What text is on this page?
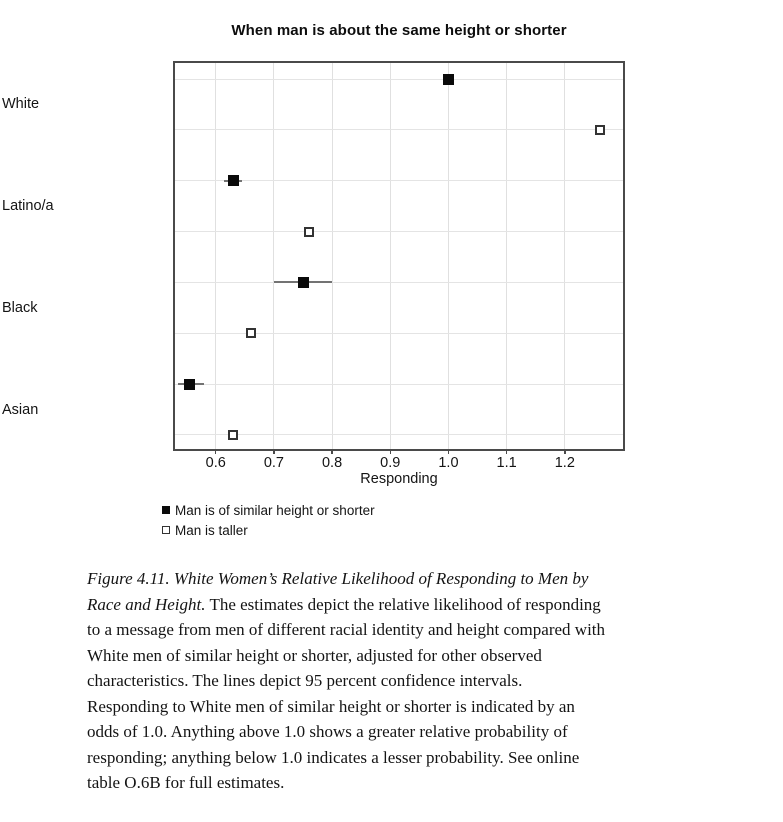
When man is about the same height or shorter
White
Latino/a
Black
Asian
0.6	0.7	0.8	0.9	1.0	1.1	1.2
Responding
Man is of similar height or shorter
Man is taller
Figure 4.11. White Women’s Relative Likelihood of Responding to Men by Race and Height. The estimates depict the relative likelihood of responding to a message from men of different racial identity and height compared with White men of similar height or shorter, adjusted for other observed characteristics. The lines depict 95 percent confidence intervals. Responding to White men of similar height or shorter is indicated by an odds of 1.0. Anything above 1.0 shows a greater relative probability of responding; anything below 1.0 indicates a lesser probability. See online table O.6B for full estimates.
